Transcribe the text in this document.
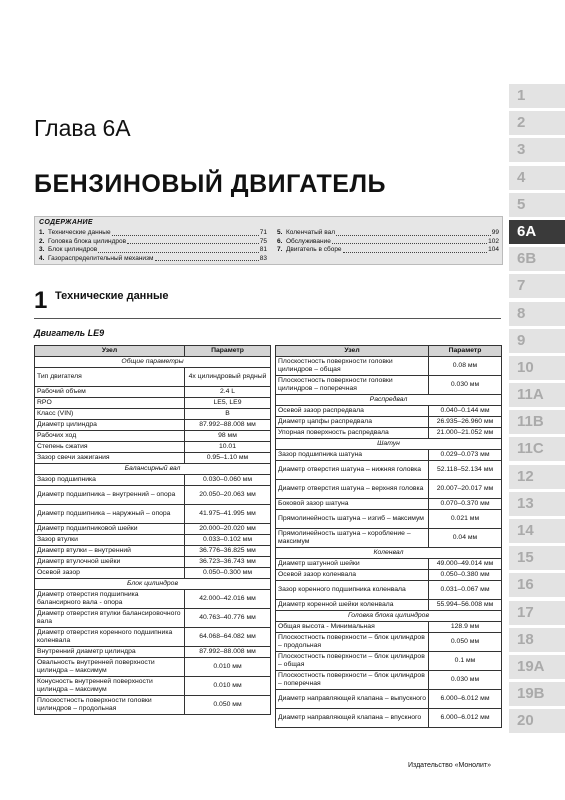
Глава 6А
БЕНЗИНОВЫЙ ДВИГАТЕЛЬ
СОДЕРЖАНИЕ
1. Технические данные	71
2. Головка блока цилиндров	75
3. Блок цилиндров	81
4. Газораспределительный механизм	83
5. Коленчатый вал	99
6. Обслуживание	102
7. Двигатель в сборе	104
1 Технические данные
Двигатель LE9
Узел	Параметр
Общие параметры	
Тип двигателя	4х цилиндровый рядный
Рабочий объем	2.4 L
RPO	LE5, LE9
Класс (VIN)	B
Диаметр цилиндра	87.992–88.008 мм
Рабочих ход	98 мм
Степень сжатия	10.01
Зазор свечи зажигания	0.95–1.10 мм
Балансирный вал	
Зазор подшипника	0.030–0.060 мм
Диаметр подшипника – внутренний – опора	20.050–20.063 мм
Диаметр подшипника – наружный – опора	41.975–41.995 мм
Диаметр подшипниковой шейки	20.000–20.020 мм
Зазор втулки	0.033–0.102 мм
Диаметр втулки – внутренний	36.776–36.825 мм
Диаметр втулочной шейки	36.723–36.743 мм
Осевой зазор	0.050–0.300 мм
Блок цилиндров	
Диаметр отверстия подшипника балансирного вала - опора	42.000–42.016 мм
Диаметр отверстия втулки балансировочного вала	40.763–40.776 мм
Диаметр отверстия коренного подшипника коленвала	64.068–64.082 мм
Внутренний диаметр цилиндра	87.992–88.008 мм
Овальность внутренней поверхности цилиндра – максимум	0.010 мм
Конусность внутренней поверхности цилиндра – максимум	0.010 мм
Плоскостность поверхности головки цилиндров – продольная	0.050 мм
Узел	Параметр
Плоскостность поверхности головки цилиндров – общая	0.08 мм
Плоскостность поверхности головки цилиндров – поперечная	0.030 мм
Распредвал	
Осевой зазор распредвала	0.040–0.144 мм
Диаметр цапфы распредвала	26.935–26.960 мм
Упорная поверхность распредвала	21.000–21.052 мм
Шатун	
Зазор подшипника шатуна	0.029–0.073 мм
Диаметр отверстия шатуна – нижняя головка	52.118–52.134 мм
Диаметр отверстия шатуна – верхняя головка	20.007–20.017 мм
Боковой зазор шатуна	0.070–0.370 мм
Прямолинейность шатуна – изгиб – максимум	0.021 мм
Прямолинейность шатуна – коробление – максимум	0.04 мм
Коленвал	
Диаметр шатунной шейки	49.000–49.014 мм
Осевой зазор коленвала	0.050–0.380 мм
Зазор коренного подшипника коленвала	0.031–0.067 мм
Диаметр коренной шейки коленвала	55.994–56.008 мм
Головка блока цилиндров	
Общая высота - Минимальная	128.9 мм
Плоскостность поверхности – блок цилиндров – продольная	0.050 мм
Плоскостность поверхности – блок цилиндров – общая	0.1 мм
Плоскостность поверхности – блок цилиндров – поперечная	0.030 мм
Диаметр направляющей клапана – выпускного	6.000–6.012 мм
Диаметр направляющей клапана – впускного	6.000–6.012 мм
1
2
3
4
5
6А
6В
7
8
9
10
11А
11В
11С
12
13
14
15
16
17
18
19А
19В
20
Издательство «Монолит»
